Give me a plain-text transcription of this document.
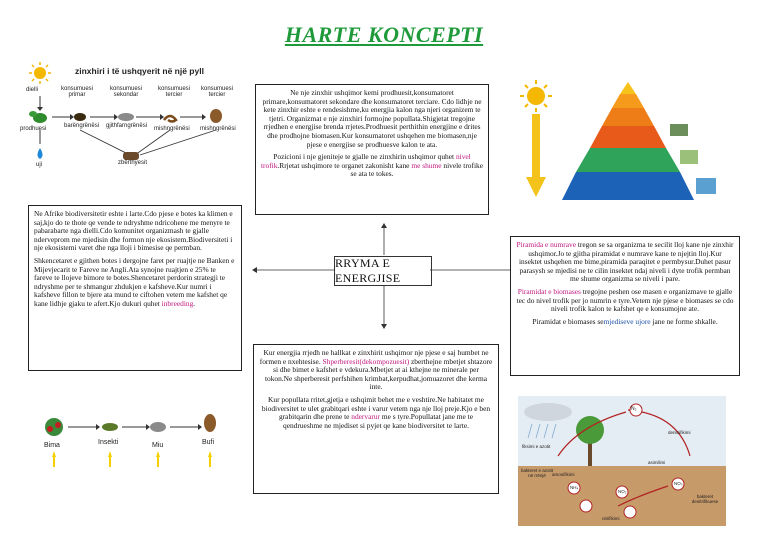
HARTE KONCEPTI
zinxhiri i të ushqyerit në një pyll
dielli	konsumuesi primar
konsumuesi sekondar
konsumuesi tercier
konsumuesi tercier
prodhuesi	barëngrënësi gjithfarngrënësi mishngrënësi mishngrënësi
zbërthyesit
uji

Ne nje zinxhir ushqimor kemi prodhuesit,konsumatoret primare,konsumatoret sekondare dhe konsumatoret terciare. Cdo lidhje ne kete zinxhir eshte e rendesishme,ku energjia kalon nga njeri organizem te tjetri. Organizmat e nje zinxhiri formojne popullata.Shigjetat tregojne rrjedhen e energjise brenda rrjetes.Prodhuesit perthithin energjine e drites dhe prodhojne biomasen.Kur konsumatoret ushqehen me biomasen,nje pjese e energjise se prodhuesve kalon te ata.

Pozicioni i nje gjeniteje te gjalle ne zinxhirin ushqimor quhet nivel trofik.Rrjetat ushqimore te organet zakonisht kane me shume nivele trofike se ata te tokes.

Ne Afrike biodiversitetir eshte i larte.Cdo pjese e botes ka klimen e saj,kjo do te thote qe vende te ndryshme ndricohene me menyre te pabarabarte nga dielli.Cdo komunitet organizmash te gjalle nderveprom me mjedisin dhe formon nje ekosistem.Biodiversiteti i nje ekosistemi varet dhe nga lloji i bimesise qe permban.

Shkencetaret e gjithen botes i dergojne faret per ruajtje ne Banken e Mijevjecarit te Fareve ne Angli.Ata synojne ruajtjen e 25% te fareve te llojeve bimore te botes.Shencetaret perdorin strategji te ndryshme per te shmangur zhdukjen e kafsheve.Kur numri i kafsheve fillon te bjere ata mund te ciftohen vetem me kafshet qe kane lidhje gjaku te afert.Kjo dukuri quhet inbreeding.

RRYMA E ENERGJISE

Piramida e numrave tregon se sa organizma te secilit lloj kane nje zinxhir ushqimor.Jo te gjitha piramidat e numrave kane te njejtin lloj.Kur insektet ushqehen me bime,piramida paraqitet e permbysur.Duhet pasur parasysh se mjedisi ne te cilin insektet ndaj niveli i dyte trofik permban me shume organizma se niveli i pare.

Piramidat e biomases tregojne peshen ose masen e organizmave te gjalle tec do nivel trofik per jo numrin e tyre.Vetem nje pjese e biomases se cdo niveli trofik kalon te kafshet qe e konsumojne ate.

Piramidat e biomases semjediseve ujore jane ne forme shkalle.

Kur energjia rrjedh ne hallkat e zinxhirit ushqimor nje pjese e saj humbet ne formen e nxehtesise. Shperberesit(dekompozuesit) zberthejne mbetjet shtazore si dhe bimet e kafshet e vdekura.Mbetjet at ai kthejne ne minerale per tokon.Ne shperberesit perfshihen krimbat,kerpudhat,jomuazoret dhe kerma inte.

Kur popullata rritet,gjetja e ushqimit behet me e veshtire.Ne habitatet me biodiversitet te ulet grabitqari eshte i varur vetem nga nje lloj preje.Kjo e ben grabitqarin dhe prene te ndervarur me s tyre.Popullatat jane me te qendrueshme ne mjediset si pyjet qe kane biodiversitet te larte.

Bima	Insekti	Miu	Bufi
N₂
fiksimi e azotit
denitrifikimi
bakteret e azotit në rrënjë	amonifikimi
NH₄
NO₂
NO₃
nitrifikimi
asimilimi
bakteret denitrifikuese
